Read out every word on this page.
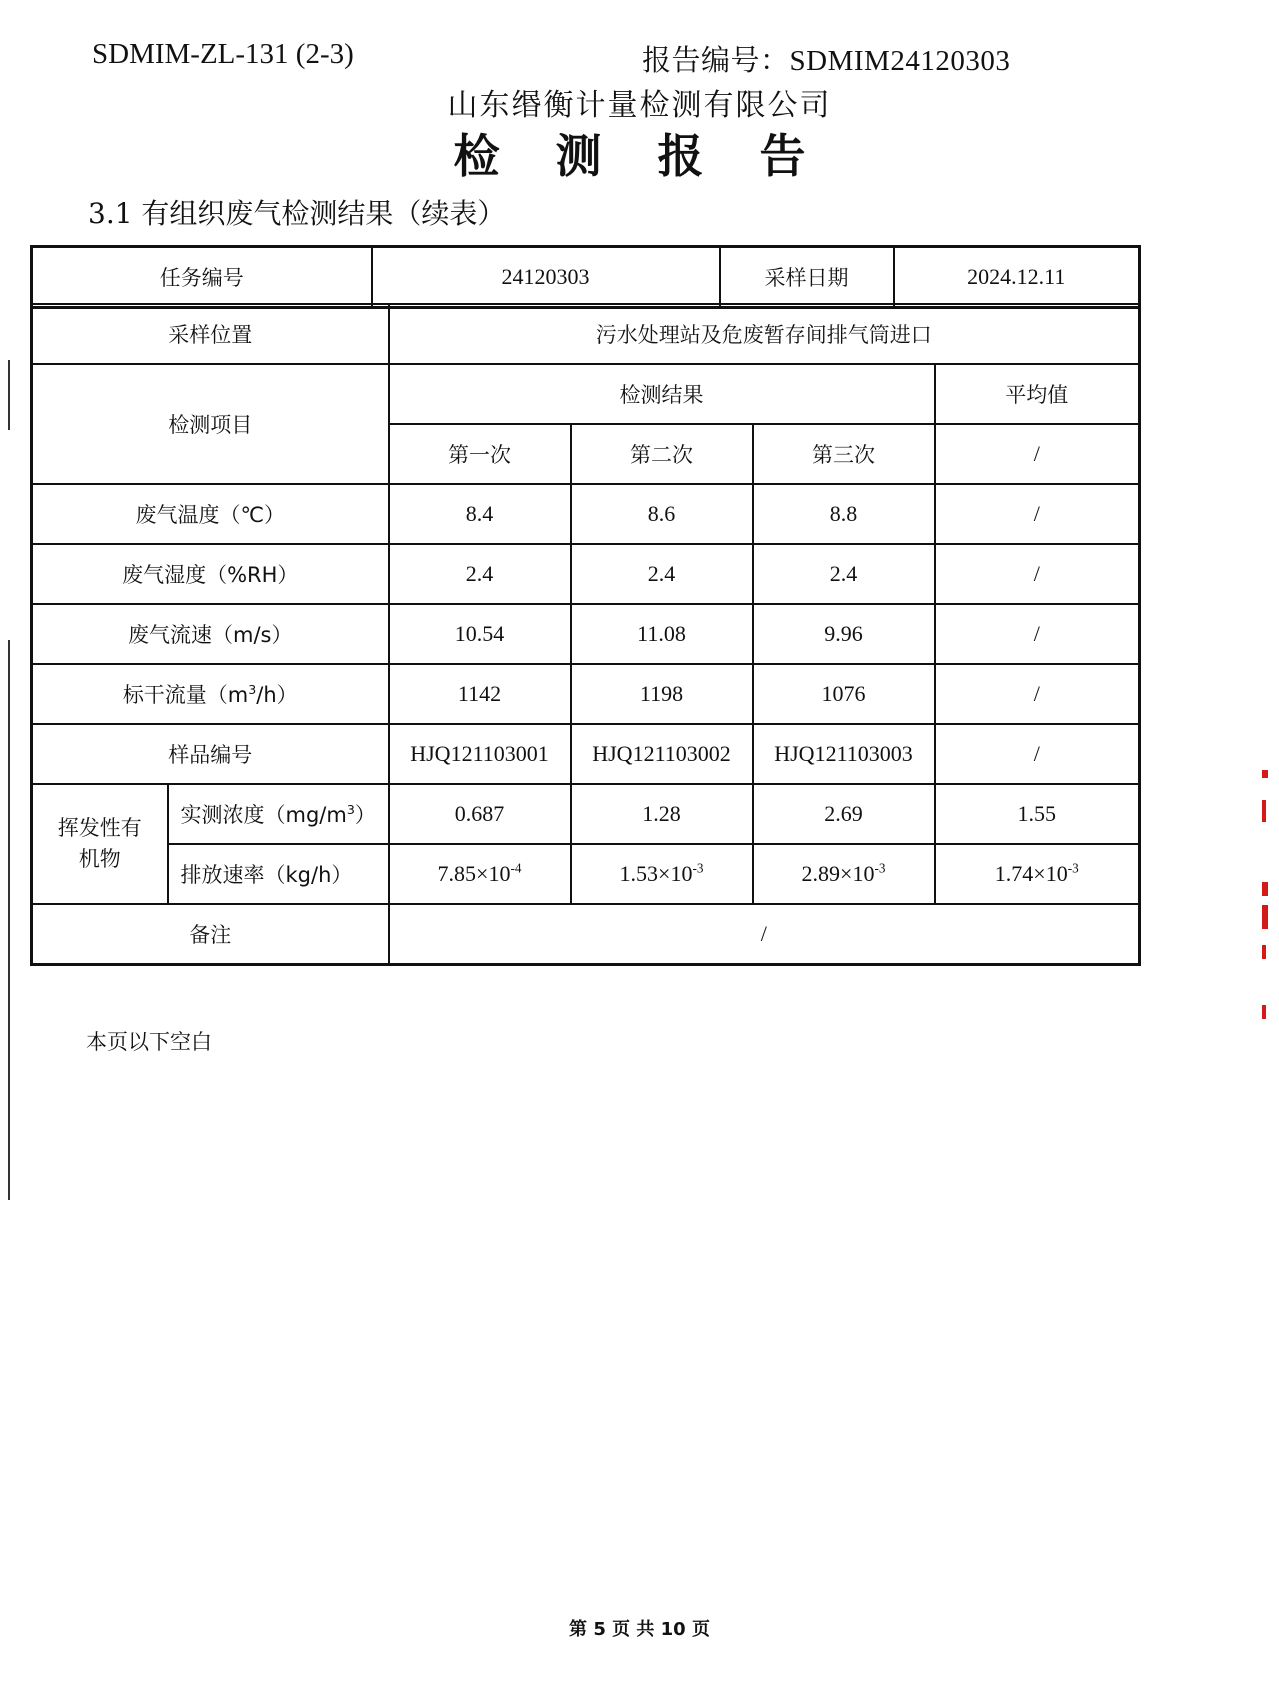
SDMIM-ZL-131 (2-3)	报告编号：SDMIM24120303
山东缗衡计量检测有限公司
检 测 报 告
3.1 有组织废气检测结果（续表）
任务编号	24120303	采样日期	2024.12.11
采样位置		污水处理站及危废暂存间排气筒进口			
检测项目		检测结果			平均值
		第一次	第二次	第三次	/
废气温度（℃）		8.4	8.6	8.8	/
废气湿度（%RH）		2.4	2.4	2.4	/
废气流速（m/s）		10.54	11.08	9.96	/
标干流量$(m^3/h)$		1142	1198	1076	/
样品编号		HJQ121103001	HJQ121103002	HJQ121103003	/
挥发性有
机物	实测浓度$(mg/m^3)$	0.687	1.28	2.69	1.55
	排放速率（kg/h）	$7.85\times 10^{-4}$	$1.53\times 10^{-3}$	$2.89\times 10^{-3}$	$1.74\times 10^{-3}$
备注		/			
本页以下空白
第 5 页 共 10 页
